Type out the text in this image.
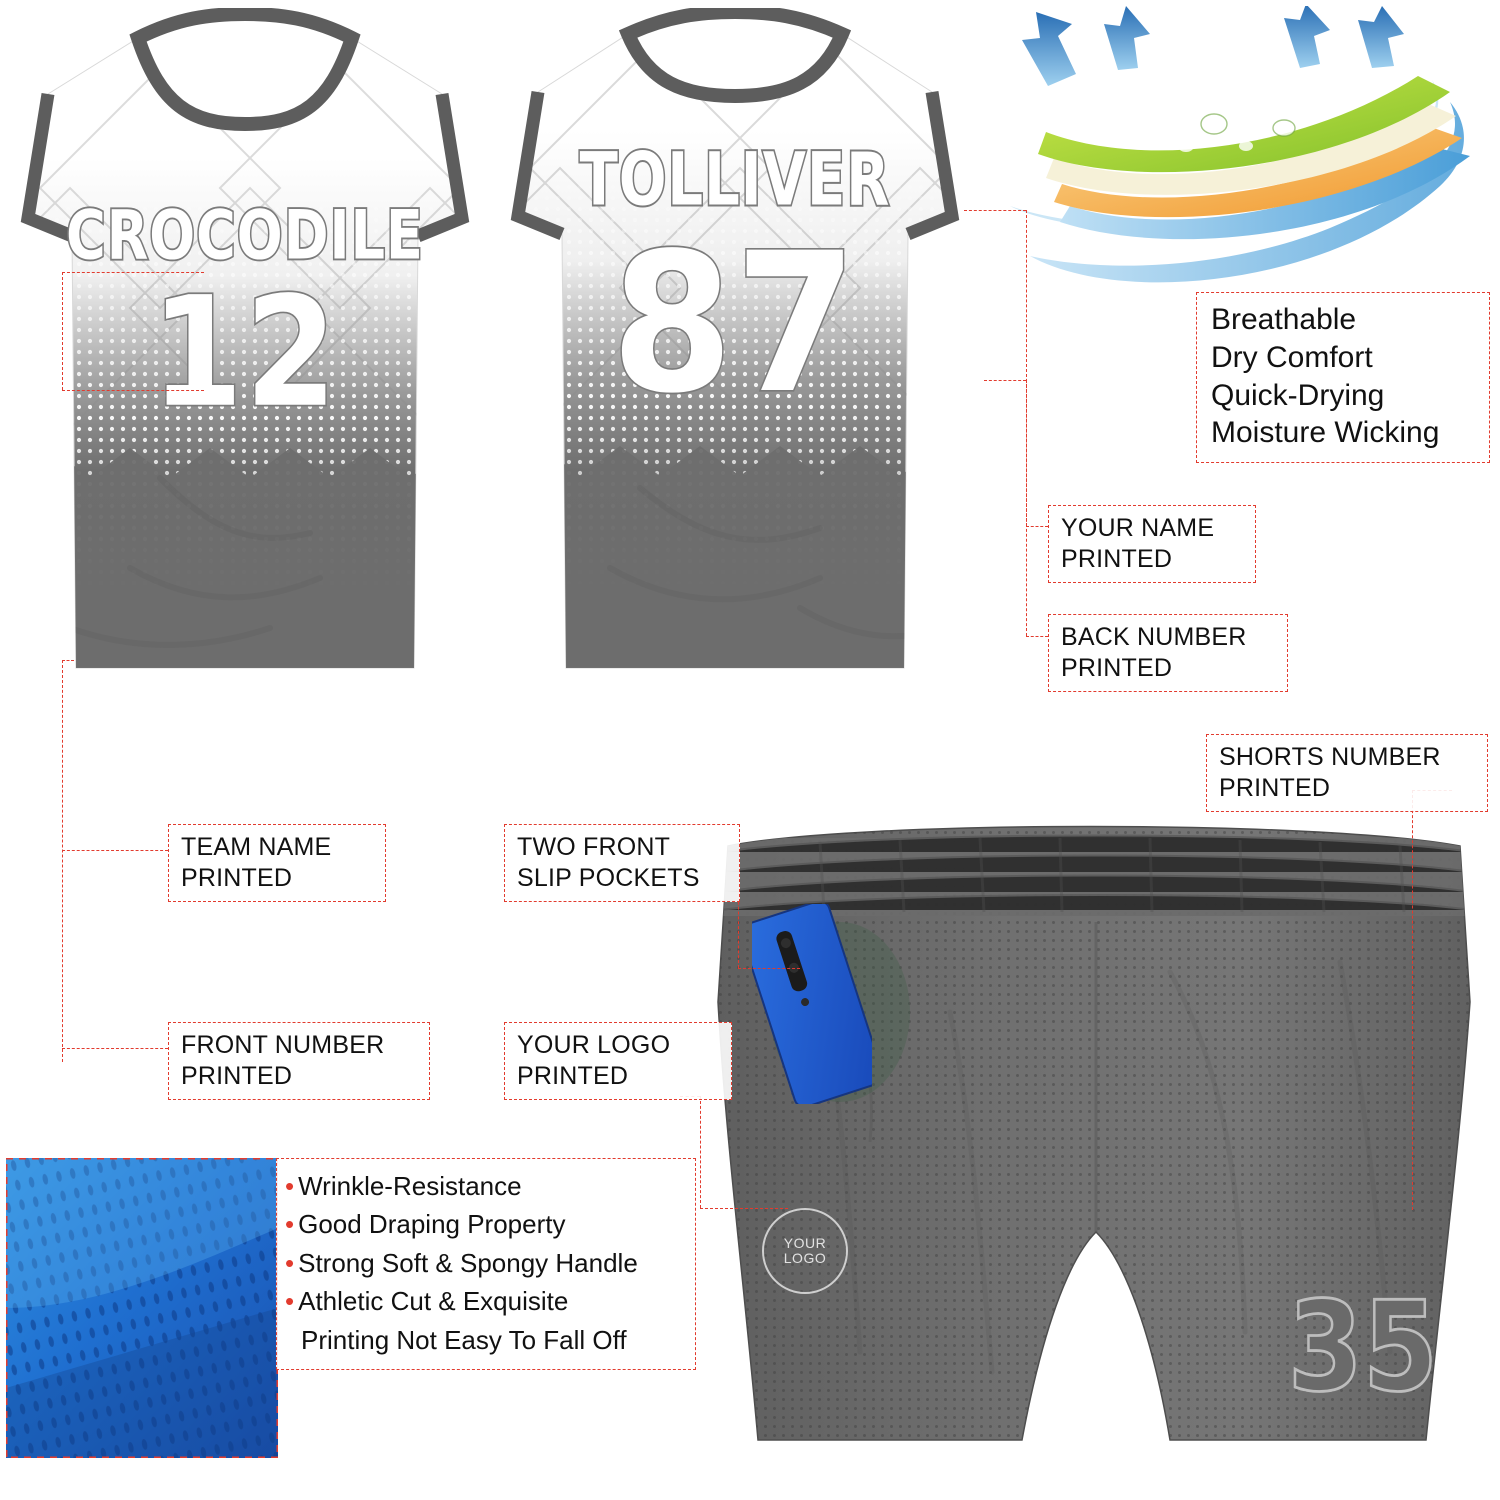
CROCODILE
12
TOLLIVER
87	Breathable
Dry Comfort
Quick-Drying
Moisture Wicking
YOUR
LOGO
35
• Wrinkle-Resistance
• Good Draping Property
• Strong Soft & Spongy Handle
• Athletic Cut & Exquisite
Printing Not Easy To Fall Off
YOUR NAME
PRINTED
BACK NUMBER
PRINTED
SHORTS NUMBER
PRINTED
TEAM NAME
PRINTED
FRONT NUMBER
PRINTED
TWO FRONT
SLIP POCKETS
YOUR LOGO
PRINTED
